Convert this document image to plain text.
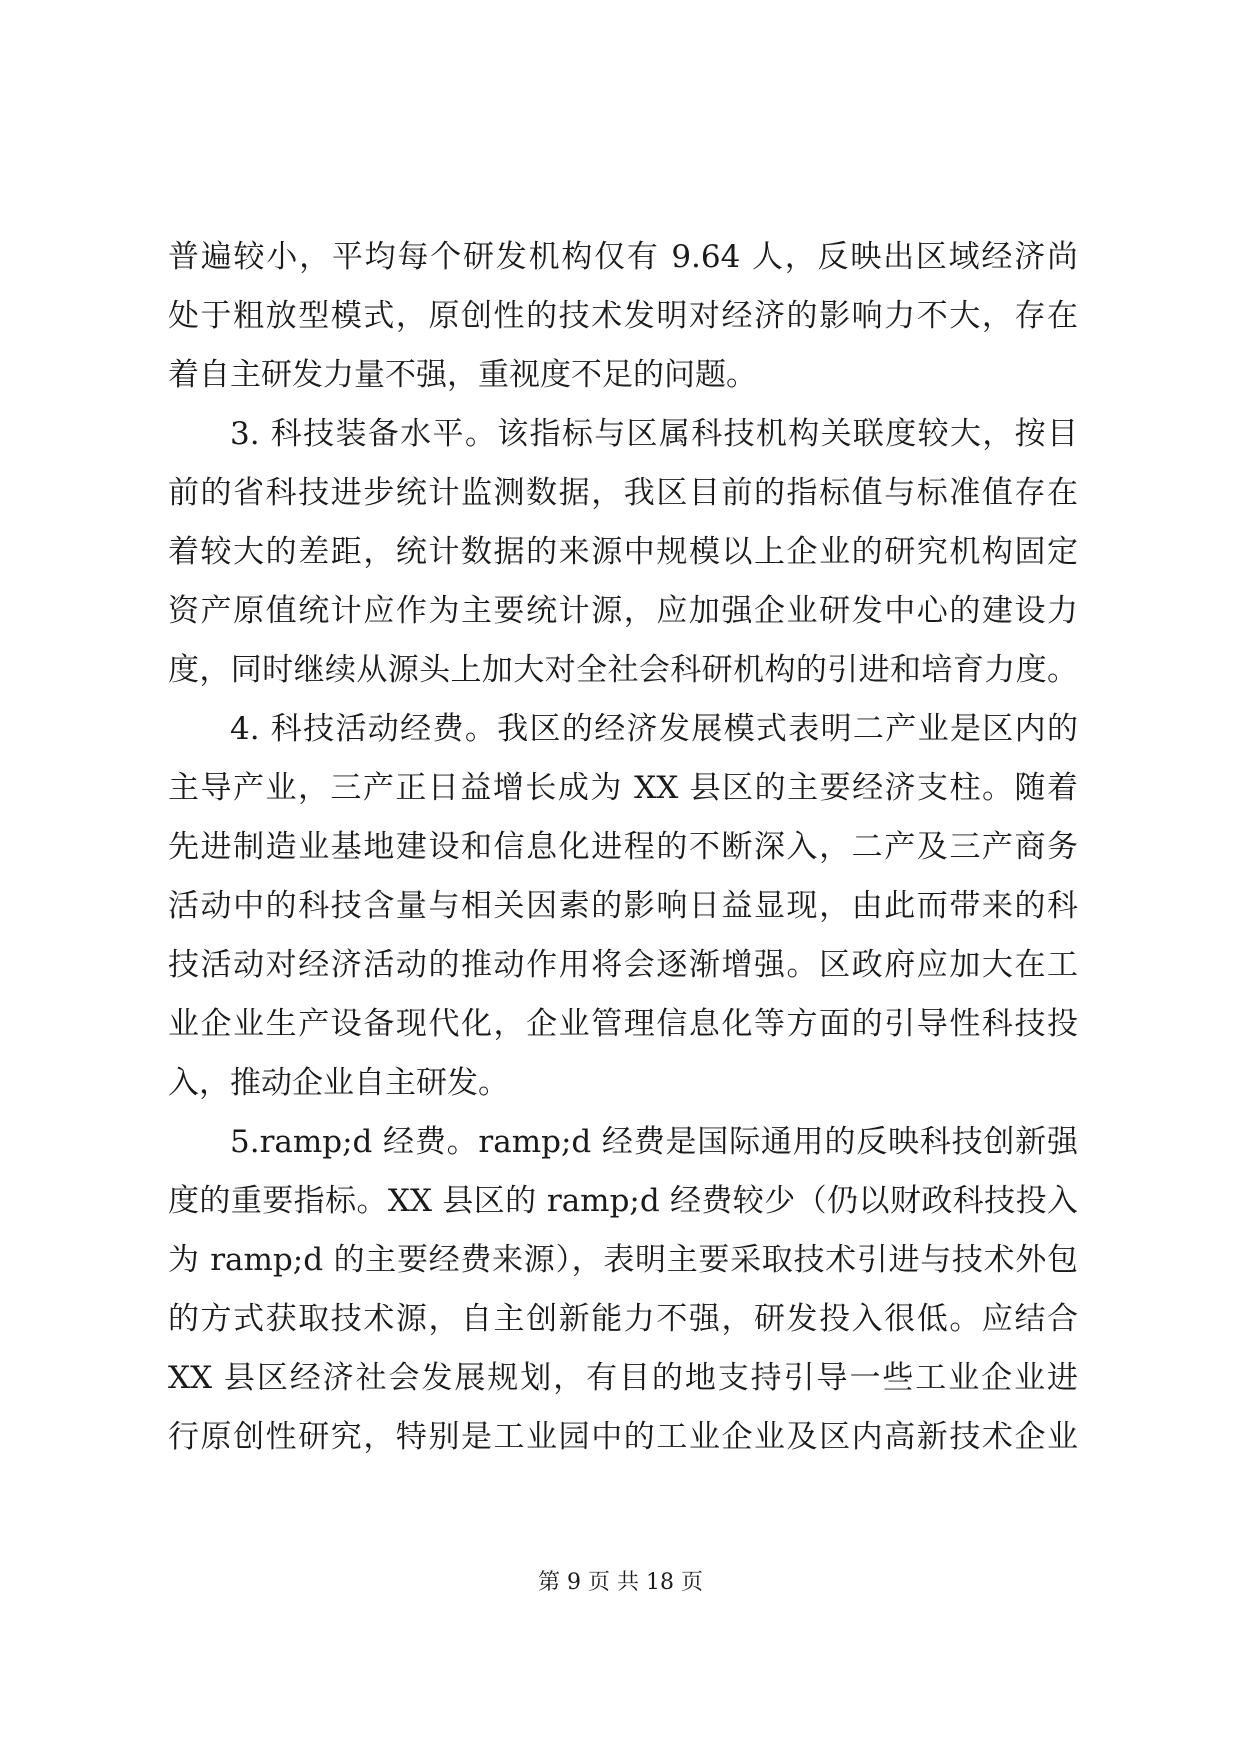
普遍较小，平均每个研发机构仅有 9.64 人，反映出区域经济尚
处于粗放型模式，原创性的技术发明对经济的影响力不大，存在
着自主研发力量不强，重视度不足的问题。
3. 科技装备水平。该指标与区属科技机构关联度较大，按目
前的省科技进步统计监测数据，我区目前的指标值与标准值存在
着较大的差距，统计数据的来源中规模以上企业的研究机构固定
资产原值统计应作为主要统计源，应加强企业研发中心的建设力
度，同时继续从源头上加大对全社会科研机构的引进和培育力度。
4. 科技活动经费。我区的经济发展模式表明二产业是区内的
主导产业，三产正日益增长成为 XX 县区的主要经济支柱。随着
先进制造业基地建设和信息化进程的不断深入，二产及三产商务
活动中的科技含量与相关因素的影响日益显现，由此而带来的科
技活动对经济活动的推动作用将会逐渐增强。区政府应加大在工
业企业生产设备现代化，企业管理信息化等方面的引导性科技投
入，推动企业自主研发。
5.ramp;d 经费。ramp;d 经费是国际通用的反映科技创新强
度的重要指标。XX 县区的 ramp;d 经费较少（仍以财政科技投入
为 ramp;d 的主要经费来源），表明主要采取技术引进与技术外包
的方式获取技术源，自主创新能力不强，研发投入很低。应结合
XX 县区经济社会发展规划，有目的地支持引导一些工业企业进
行原创性研究，特别是工业园中的工业企业及区内高新技术企业
第 9 页 共 18 页
